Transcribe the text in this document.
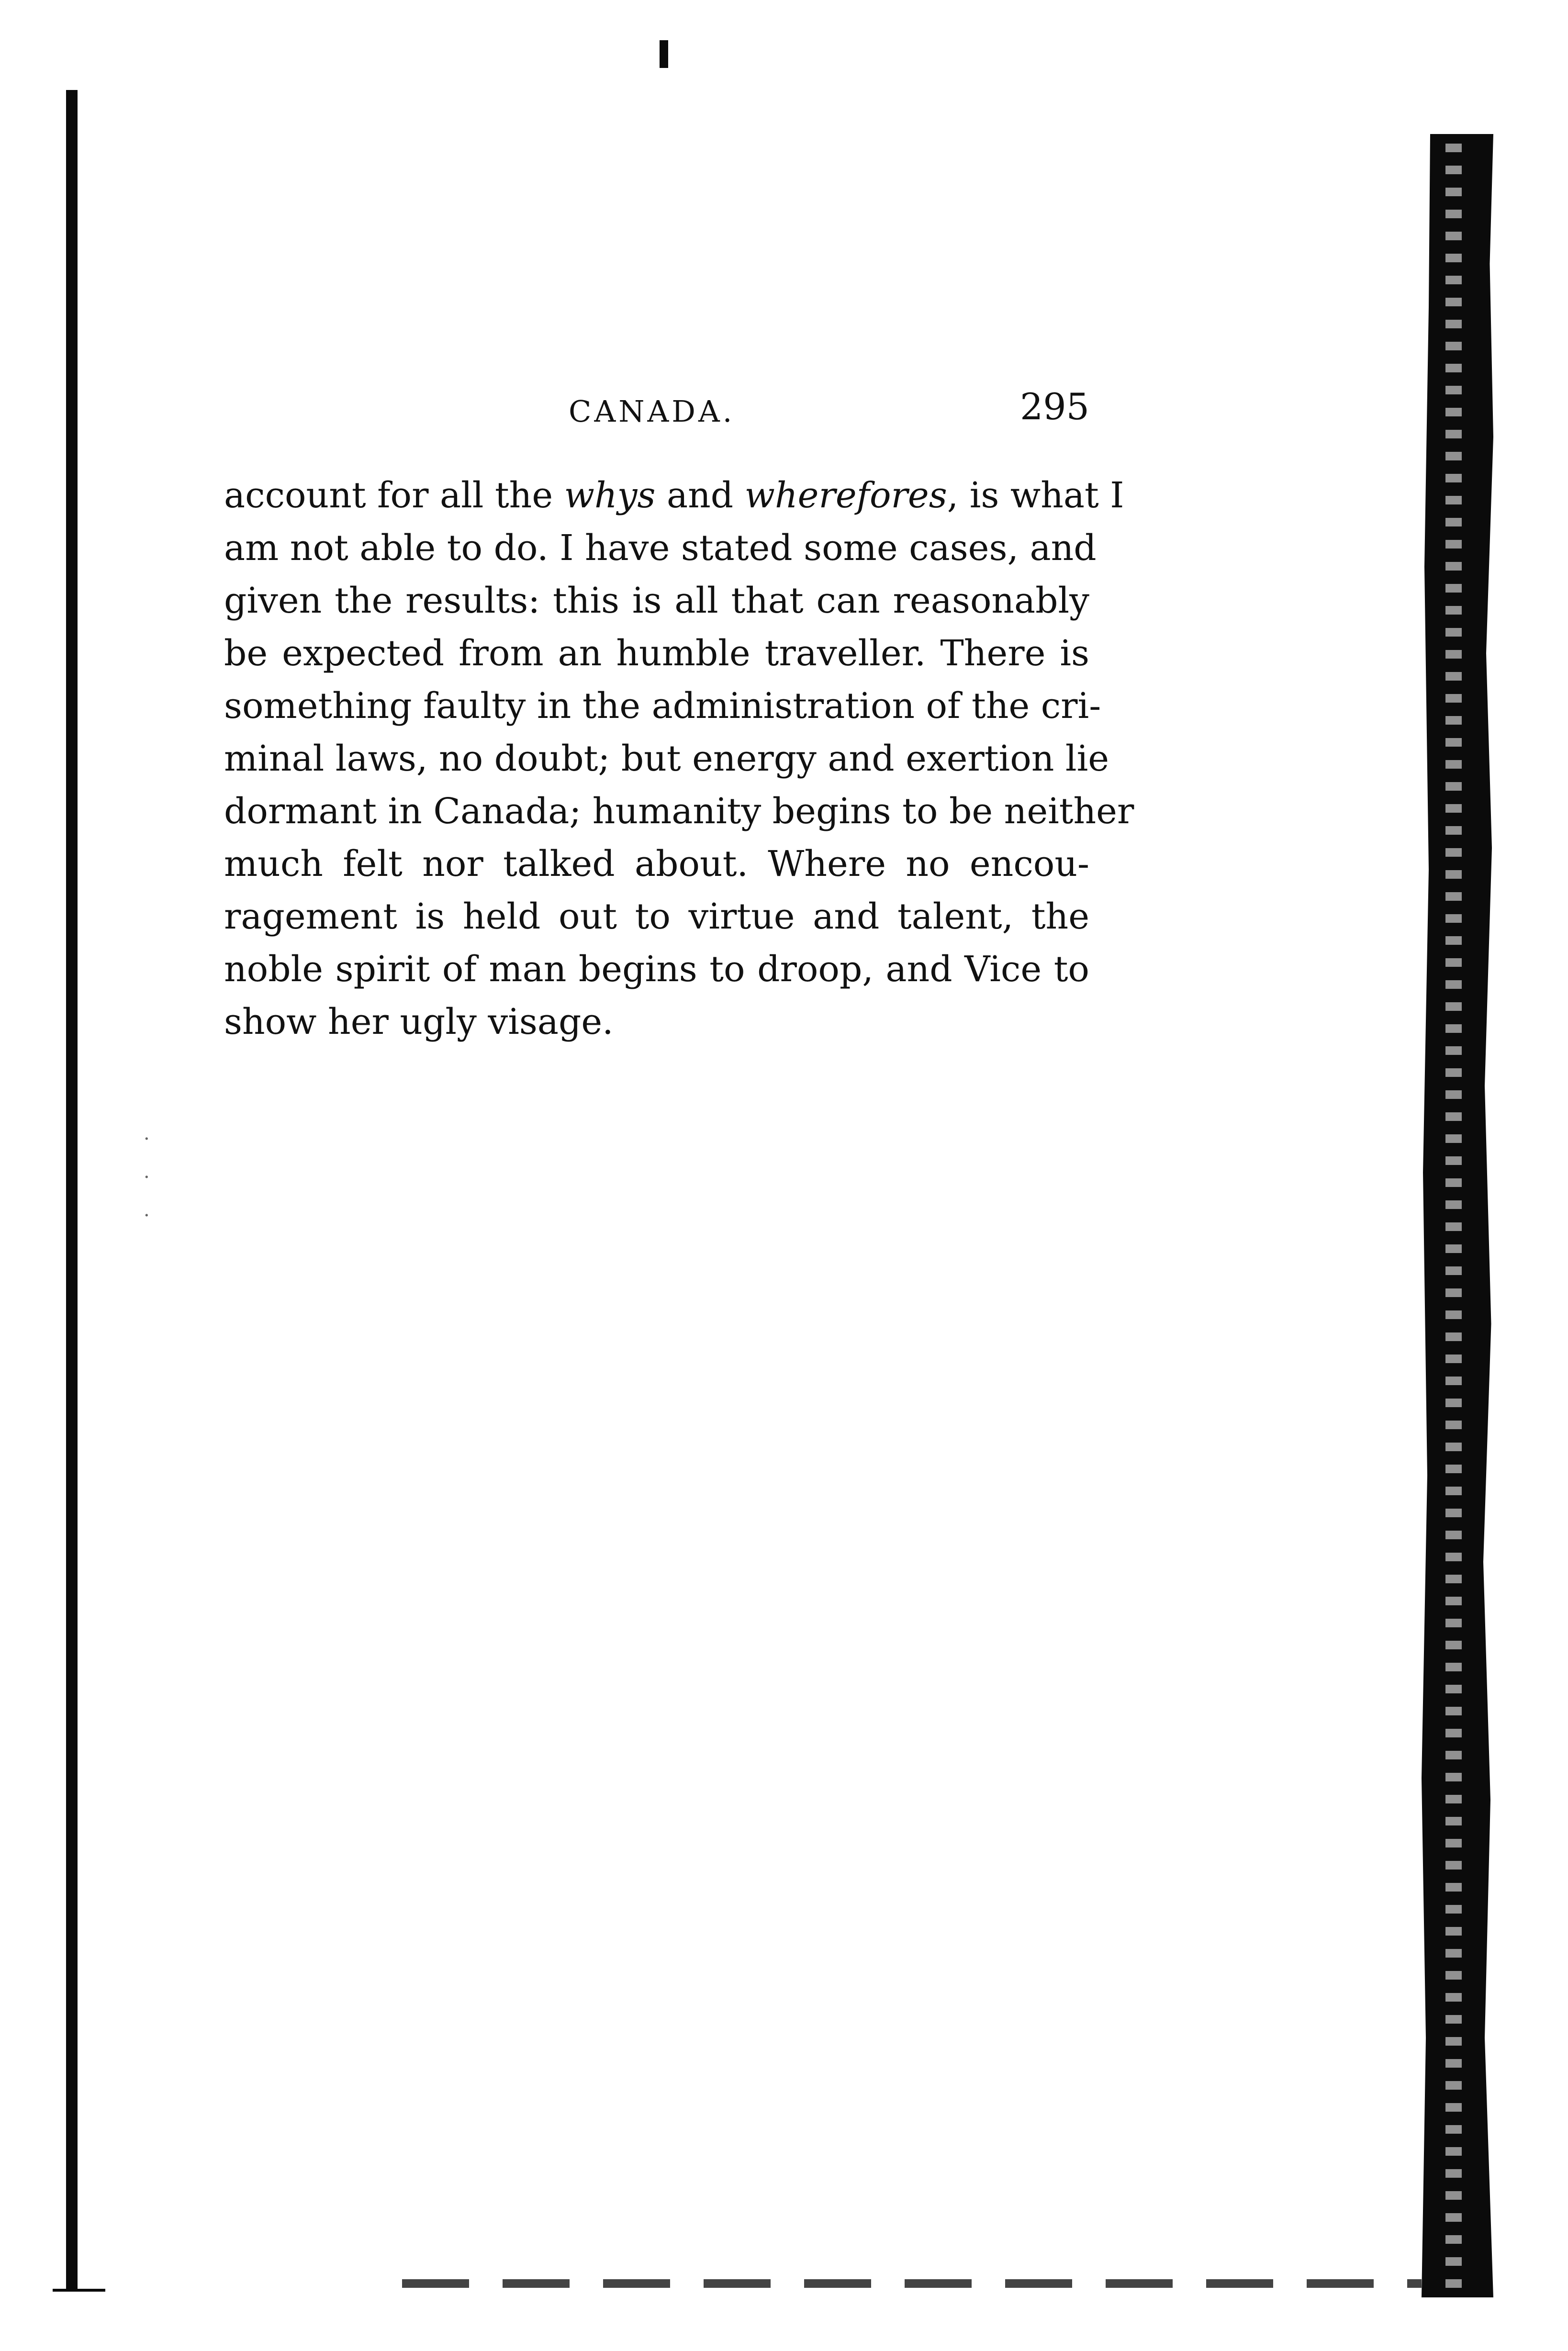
·
·
·
CANADA.	295
account for all the whys and wherefores, is what I
am not able to do. I have stated some cases, and
given the results: this is all that can reasonably
be expected from an humble traveller. There is
something faulty in the administration of the cri-
minal laws, no doubt; but energy and exertion lie
dormant in Canada; humanity begins to be neither
much felt nor talked about. Where no encou-
ragement is held out to virtue and talent, the
noble spirit of man begins to droop, and Vice to
show her ugly visage.
